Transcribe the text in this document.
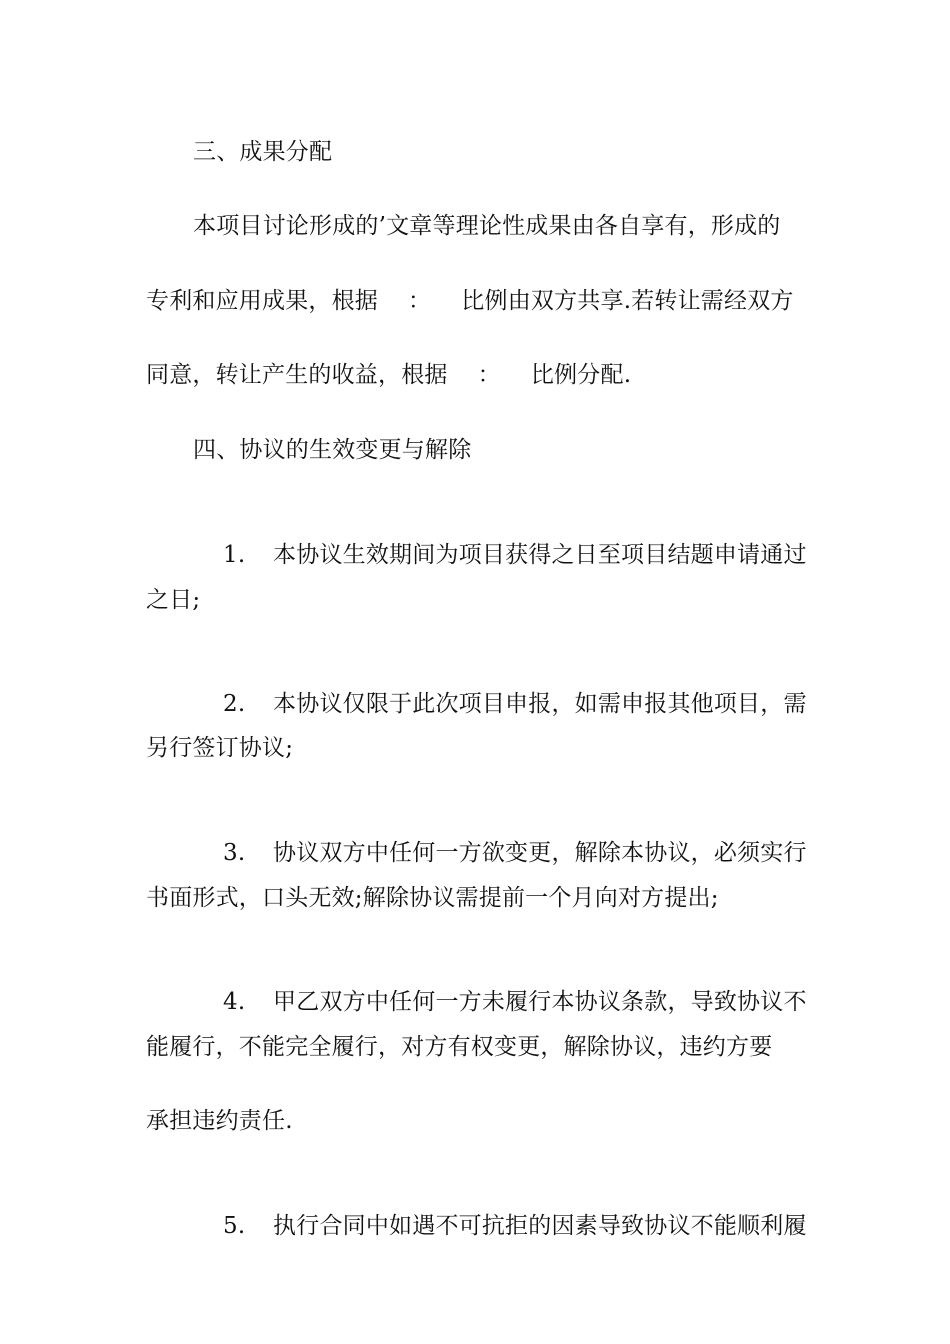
三、成果分配
本项目讨论形成的’文章等理论性成果由各自享有，形成的
专利和应用成果，根据    ：    比例由双方共享.若转让需经双方
同意，转让产生的收益，根据    ：    比例分配.
四、协议的生效变更与解除

1. 本协议生效期间为项目获得之日至项目结题申请通过

之日;

2. 本协议仅限于此次项目申报，如需申报其他项目，需

另行签订协议;

3. 协议双方中任何一方欲变更，解除本协议，必须实行

书面形式，口头无效;解除协议需提前一个月向对方提出;

4. 甲乙双方中任何一方未履行本协议条款，导致协议不

能履行，不能完全履行，对方有权变更，解除协议，违约方要
承担违约责任.

5. 执行合同中如遇不可抗拒的因素导致协议不能顺利履
